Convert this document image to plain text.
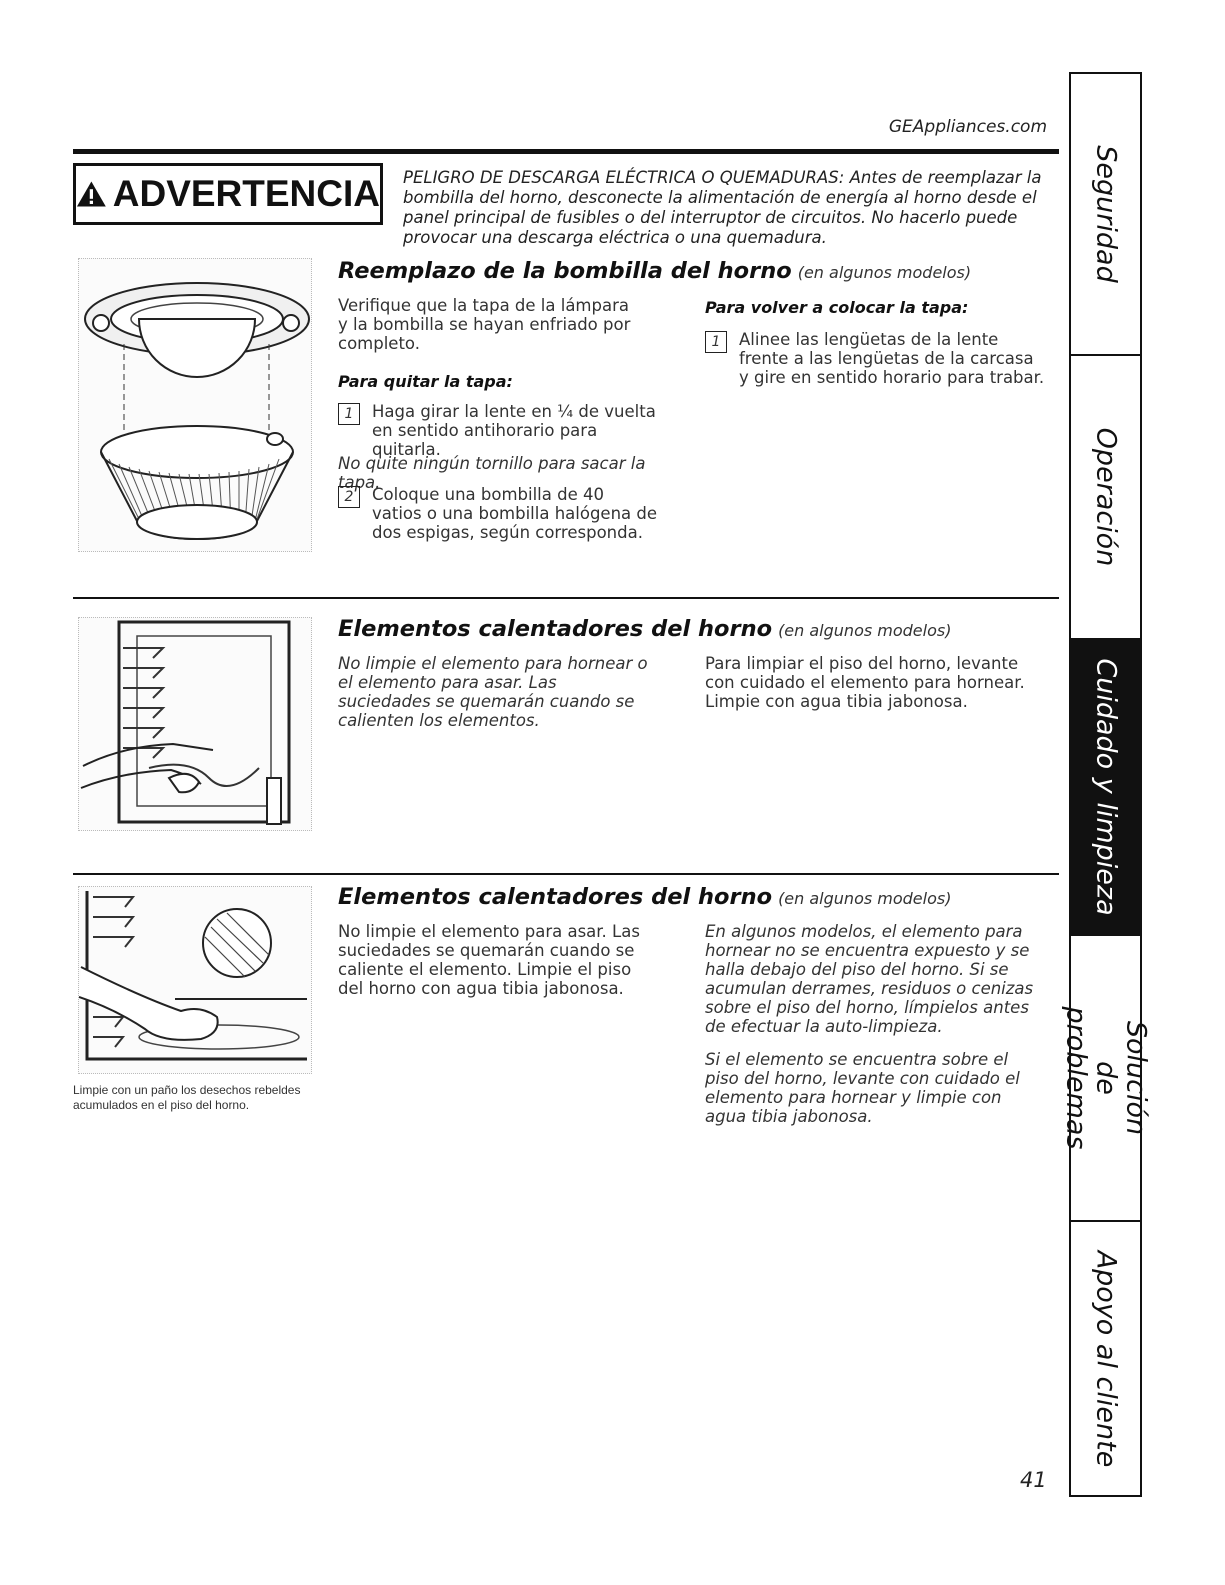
GEAppliances.com
ADVERTENCIA PELIGRO DE DESCARGA ELÉCTRICA O QUEMADURAS: Antes de reemplazar la bombilla del horno, desconecte la alimentación de energía al horno desde el panel principal de fusibles o del interruptor de circuitos. No hacerlo puede provocar una descarga eléctrica o una quemadura.
Reemplazo de la bombilla del horno (en algunos modelos)
Verifique que la tapa de la lámpara y la bombilla se hayan enfriado por completo.
Para quitar la tapa:
1	Haga girar la lente en ¼ de vuelta en sentido antihorario para quitarla.
No quite ningún tornillo para sacar la tapa.
2	Coloque una bombilla de 40 vatios o una bombilla halógena de dos espigas, según corresponda.
Para volver a colocar la tapa:
1	Alinee las lengüetas de la lente frente a las lengüetas de la carcasa y gire en sentido horario para trabar.
Elementos calentadores del horno (en algunos modelos)
No limpie el elemento para hornear o el elemento para asar. Las suciedades se quemarán cuando se calienten los elementos.
Para limpiar el piso del horno, levante con cuidado el elemento para hornear. Limpie con agua tibia jabonosa.
Elementos calentadores del horno (en algunos modelos)
Limpie con un paño los desechos rebeldes acumulados en el piso del horno.
No limpie el elemento para asar. Las suciedades se quemarán cuando se caliente el elemento. Limpie el piso del horno con agua tibia jabonosa.
En algunos modelos, el elemento para hornear no se encuentra expuesto y se halla debajo del piso del horno. Si se acumulan derrames, residuos o cenizas sobre el piso del horno, límpielos antes de efectuar la auto-limpieza.
Si el elemento se encuentra sobre el piso del horno, levante con cuidado el elemento para hornear y limpie con agua tibia jabonosa.
Seguridad
Operación
Cuidado y limpieza
Solución de problemas
Apoyo al cliente
41
